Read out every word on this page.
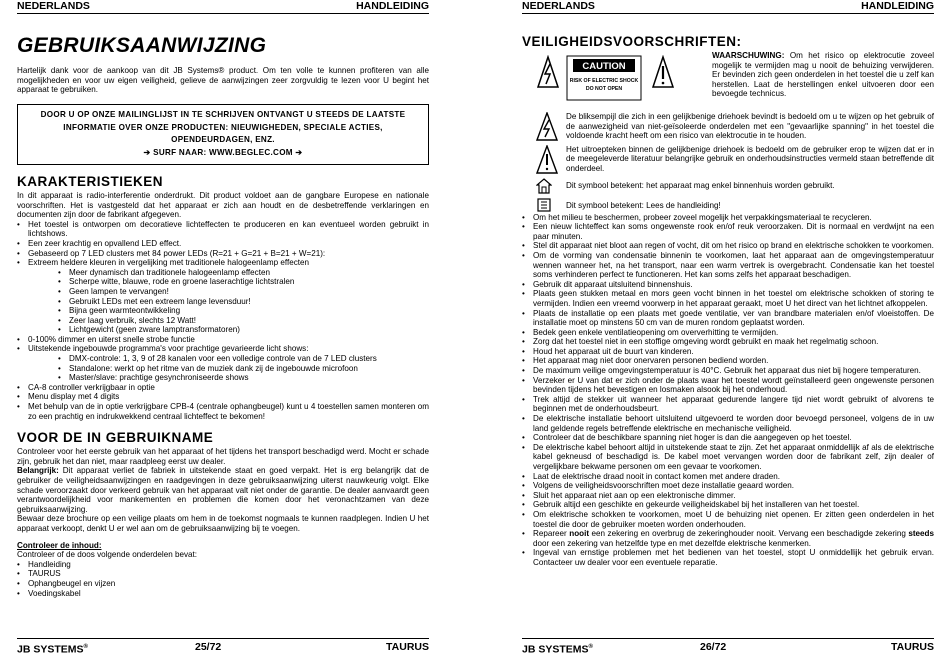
NEDERLANDS	HANDLEIDING
GEBRUIKSAANWIJZING

Hartelijk dank voor de aankoop van dit JB Systems® product. Om ten volle te kunnen profiteren van alle mogelijkheden en voor uw eigen veiligheid, gelieve de aanwijzingen zeer zorgvuldig te lezen voor U begint het apparaat te gebruiken.

DOOR U OP ONZE MAILINGLIJST IN TE SCHRIJVEN ONTVANGT U STEEDS DE LAATSTE INFORMATIE OVER ONZE PRODUCTEN: NIEUWIGHEDEN, SPECIALE ACTIES, OPENDEURDAGEN, ENZ.
➔ SURF NAAR: WWW.BEGLEC.COM ➔
KARAKTERISTIEKEN

In dit apparaat is radio-interferentie onderdrukt. Dit product voldoet aan de gangbare Europese en nationale voorschriften. Het is vastgesteld dat het apparaat er zich aan houdt en de desbetreffende verklaringen en documenten zijn door de fabrikant afgegeven.

• Het toestel is ontworpen om decoratieve lichteffecten te produceren en kan eventueel worden gebruikt in lichtshows.
• Een zeer krachtig en opvallend LED effect.
• Gebaseerd op 7 LED clusters met 84 power LEDs (R=21 + G=21 + B=21 + W=21):
• Extreem heldere kleuren in vergelijking met traditionele halogeenlamp effecten
• Meer dynamisch dan traditionele halogeenlamp effecten
• Scherpe witte, blauwe, rode en groene laserachtige lichtstralen
• Geen lampen te vervangen!
• Gebruikt LEDs met een extreem lange levensduur!
• Bijna geen warmteontwikkeling
• Zeer laag verbruik, slechts 12 Watt!
• Lichtgewicht (geen zware lamptransformatoren)
• 0-100% dimmer en uiterst snelle strobe functie
• Uitstekende ingebouwde programma's voor prachtige gevarieerde licht shows:
• DMX-controle: 1, 3, 9 of 28 kanalen voor een volledige controle van de 7 LED clusters
• Standalone: werkt op het ritme van de muziek dank zij de ingebouwde microfoon
• Master/slave: prachtige gesynchroniseerde shows
• CA-8 controller verkrijgbaar in optie
• Menu display met 4 digits
• Met behulp van de in optie verkrijgbare CPB-4 (centrale ophangbeugel) kunt u 4 toestellen samen monteren om zo een prachtig en indrukwekkend centraal lichteffect te bekomen!
VOOR DE IN GEBRUIKNAME

Controleer voor het eerste gebruik van het apparaat of het tijdens het transport beschadigd werd. Mocht er schade zijn, gebruik het dan niet, maar raadpleeg eerst uw dealer.

Belangrijk: Dit apparaat verliet de fabriek in uitstekende staat en goed verpakt. Het is erg belangrijk dat de gebruiker de veiligheidsaanwijzingen en raadgevingen in deze gebruiksaanwijzing uiterst nauwkeurig volgt. Elke schade veroorzaakt door verkeerd gebruik van het apparaat valt niet onder de garantie. De dealer aanvaardt geen verantwoordelijkheid voor mankementen en problemen die komen door het veronachtzamen van deze gebruiksaanwijzing.

Bewaar deze brochure op een veilige plaats om hem in de toekomst nogmaals te kunnen raadplegen. Indien U het apparaat verkoopt, denkt U er wel aan om de gebruiksaanwijzing bij te voegen.

Controleer de inhoud:

Controleer of de doos volgende onderdelen bevat:

• Handleiding
• TAURUS
• Ophangbeugel en vijzen
• Voedingskabel
JB SYSTEMS®	25/72	TAURUS
NEDERLANDS	HANDLEIDING
VEILIGHEIDSVOORSCHRIFTEN:
CAUTION
RISK OF ELECTRIC SHOCK
DO NOT OPEN
WAARSCHUWING: Om het risico op elektrocutie zoveel mogelijk te vermijden mag u nooit de behuizing verwijderen. Er bevinden zich geen onderdelen in het toestel die u zelf kan herstellen. Laat de herstellingen enkel uitvoeren door een bevoegde technicus.
De bliksempijl die zich in een gelijkbenige driehoek bevindt is bedoeld om u te wijzen op het gebruik of de aanwezigheid van niet-geïsoleerde onderdelen met een "gevaarlijke spanning" in het toestel die voldoende kracht heeft om een risico van elektrocutie in te houden.
Het uitroepteken binnen de gelijkbenige driehoek is bedoeld om de gebruiker erop te wijzen dat er in de meegeleverde literatuur belangrijke gebruik en onderhoudsinstructies vermeld staan betreffende dit onderdeel.
Dit symbool betekent: het apparaat mag enkel binnenhuis worden gebruikt.
Dit symbool betekent: Lees de handleiding!
• Om het milieu te beschermen, probeer zoveel mogelijk het verpakkingsmateriaal te recycleren.
• Een nieuw lichteffect kan soms ongewenste rook en/of reuk veroorzaken. Dit is normaal en verdwijnt na een paar minuten.
• Stel dit apparaat niet bloot aan regen of vocht, dit om het risico op brand en elektrische schokken te voorkomen.
• Om de vorming van condensatie binnenin te voorkomen, laat het apparaat aan de omgevingstemperatuur wennen wanneer het, na het transport, naar een warm vertrek is overgebracht. Condensatie kan het toestel soms verhinderen perfect te functioneren. Het kan soms zelfs het apparaat beschadigen.
• Gebruik dit apparaat uitsluitend binnenshuis.
• Plaats geen stukken metaal en mors geen vocht binnen in het toestel om elektrische schokken of storing te vermijden. Indien een vreemd voorwerp in het apparaat geraakt, moet U het direct van het lichtnet afkoppelen.
• Plaats de installatie op een plaats met goede ventilatie, ver van brandbare materialen en/of vloeistoffen. De installatie moet op minstens 50 cm van de muren rondom geplaatst worden.
• Bedek geen enkele ventilatieopening om oververhitting te vermijden.
• Zorg dat het toestel niet in een stoffige omgeving wordt gebruikt en maak het regelmatig schoon.
• Houd het apparaat uit de buurt van kinderen.
• Het apparaat mag niet door onervaren personen bediend worden.
• De maximum veilige omgevingstemperatuur is 40°C. Gebruik het apparaat dus niet bij hogere temperaturen.
• Verzeker er U van dat er zich onder de plaats waar het toestel wordt geïnstalleerd geen ongewenste personen bevinden tijdens het bevestigen en losmaken alsook bij het onderhoud.
• Trek altijd de stekker uit wanneer het apparaat gedurende langere tijd niet wordt gebruikt of alvorens te beginnen met de onderhoudsbeurt.
• De elektrische installatie behoort uitsluitend uitgevoerd te worden door bevoegd personeel, volgens de in uw land geldende regels betreffende elektrische en mechanische veiligheid.
• Controleer dat de beschikbare spanning niet hoger is dan die aangegeven op het toestel.
• De elektrische kabel behoort altijd in uitstekende staat te zijn. Zet het apparaat onmiddellijk af als de elektrische kabel gekneusd of beschadigd is. De kabel moet vervangen worden door de fabrikant zelf, zijn dealer of vergelijkbare bekwame personen om een gevaar te voorkomen.
• Laat de elektrische draad nooit in contact komen met andere draden.
• Volgens de veiligheidsvoorschriften moet deze installatie geaard worden.
• Sluit het apparaat niet aan op een elektronische dimmer.
• Gebruik altijd een geschikte en gekeurde veiligheidskabel bij het installeren van het toestel.
• Om elektrische schokken te voorkomen, moet U de behuizing niet openen. Er zitten geen onderdelen in het toestel die door de gebruiker moeten worden onderhouden.
• Repareer nooit een zekering en overbrug de zekeringhouder nooit. Vervang een beschadigde zekering steeds door een zekering van hetzelfde type en met dezelfde elektrische kenmerken.
• Ingeval van ernstige problemen met het bedienen van het toestel, stopt U onmiddellijk het gebruik ervan. Contacteer uw dealer voor een eventuele reparatie.
JB SYSTEMS®	26/72	TAURUS
